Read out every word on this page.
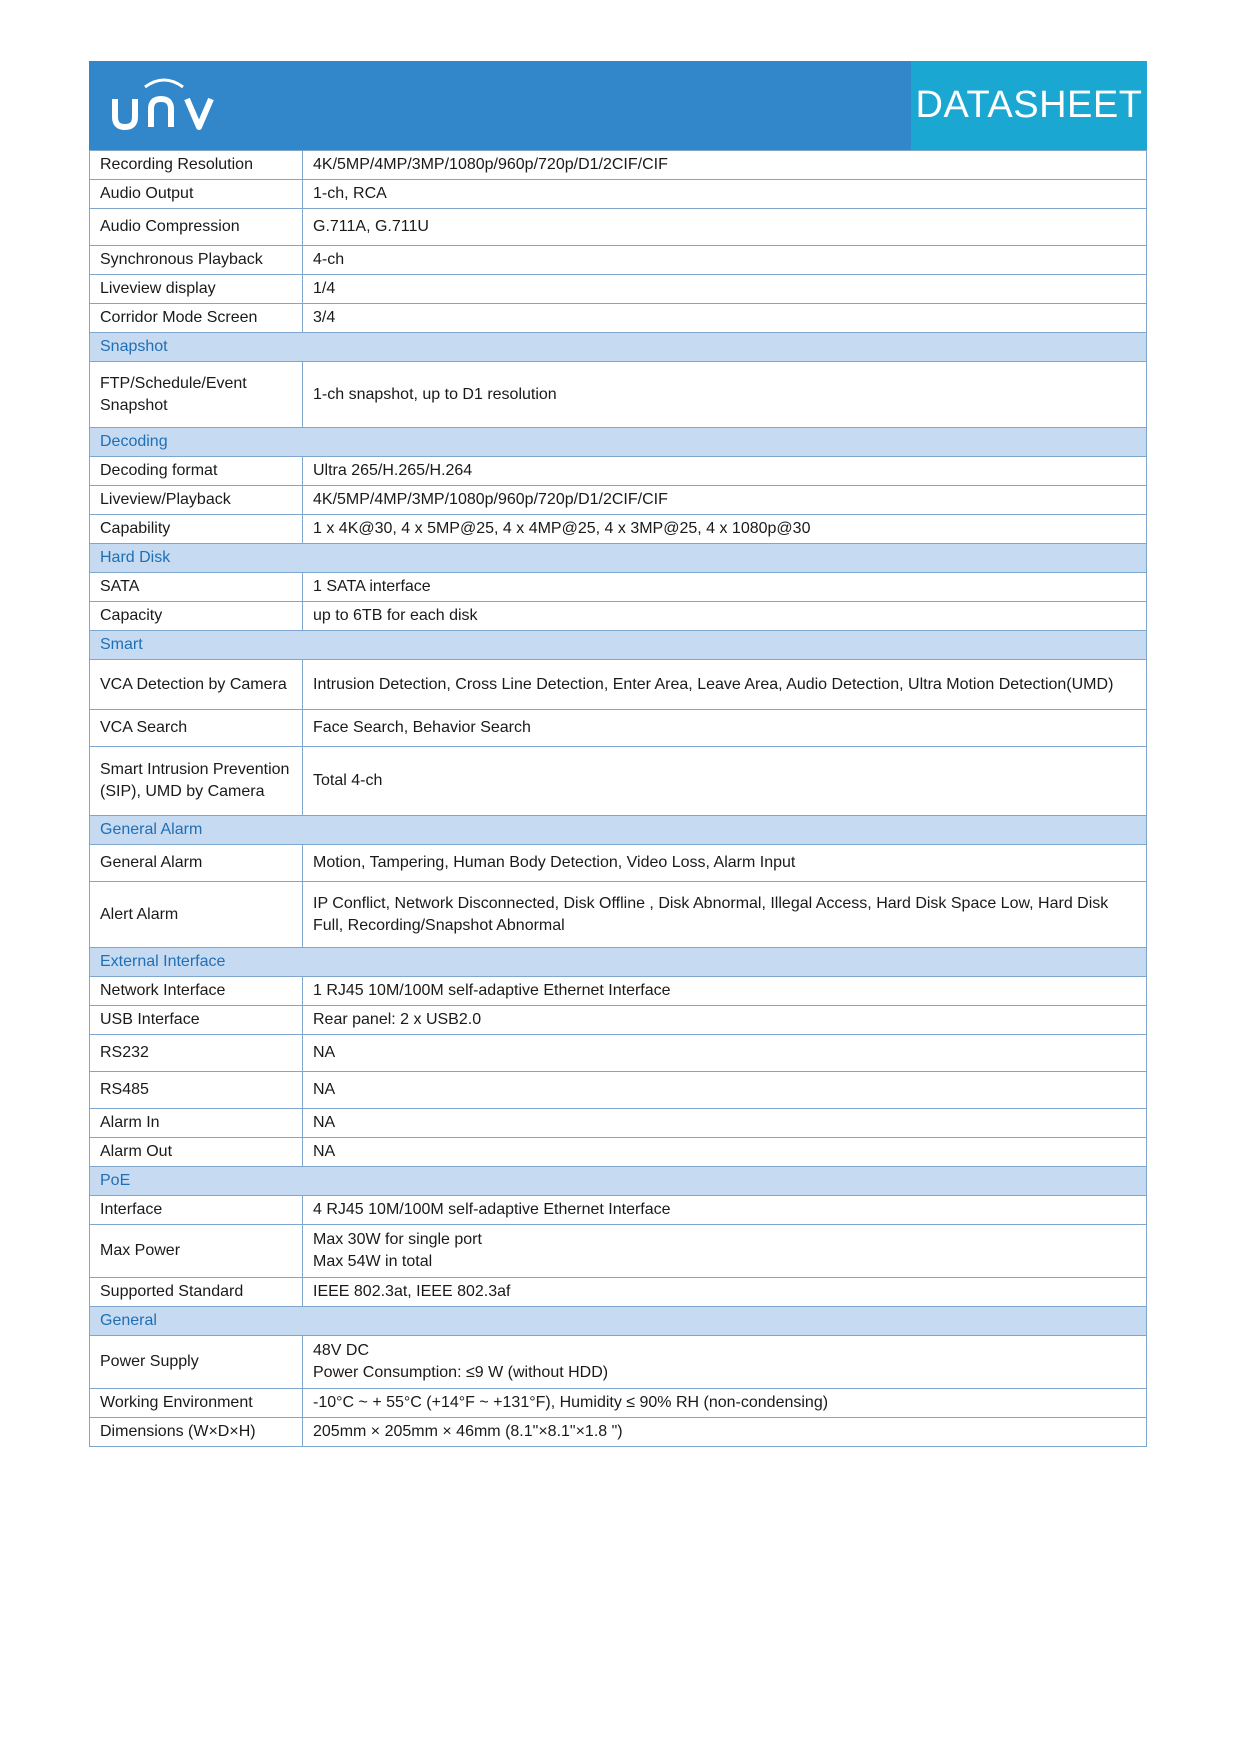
DATASHEET
Recording Resolution	4K/5MP/4MP/3MP/1080p/960p/720p/D1/2CIF/CIF
Audio Output	1-ch, RCA
Audio Compression	G.711A, G.711U
Synchronous Playback	4-ch
Liveview display	1/4
Corridor Mode Screen	3/4
Snapshot	
FTP/Schedule/Event Snapshot	1-ch snapshot, up to D1 resolution
Decoding	
Decoding format	Ultra 265/H.265/H.264
Liveview/Playback	4K/5MP/4MP/3MP/1080p/960p/720p/D1/2CIF/CIF
Capability	1 x 4K@30, 4 x 5MP@25, 4 x 4MP@25, 4 x 3MP@25, 4 x 1080p@30
Hard Disk	
SATA	1 SATA interface
Capacity	up to 6TB for each disk
Smart	
VCA Detection by Camera	Intrusion Detection, Cross Line Detection, Enter Area, Leave Area, Audio Detection, Ultra Motion Detection(UMD)
VCA Search	Face Search, Behavior Search
Smart Intrusion Prevention (SIP), UMD by Camera	Total 4-ch
General Alarm	
General Alarm	Motion, Tampering, Human Body Detection, Video Loss, Alarm Input
Alert Alarm	IP Conflict, Network Disconnected, Disk Offline , Disk Abnormal, Illegal Access, Hard Disk Space Low, Hard Disk Full, Recording/Snapshot Abnormal
External Interface	
Network Interface	1 RJ45 10M/100M self-adaptive Ethernet Interface
USB Interface	Rear panel: 2 x USB2.0
RS232	NA
RS485	NA
Alarm In	NA
Alarm Out	NA
PoE	
Interface	4 RJ45 10M/100M self-adaptive Ethernet Interface
Max Power	Max 30W for single port
Max 54W in total

Supported Standard	IEEE 802.3at, IEEE 802.3af
General	
Power Supply	48V DC
Power Consumption: ≤9 W (without HDD)

Working Environment	-10°C ~ + 55°C (+14°F ~ +131°F), Humidity ≤ 90% RH (non-condensing)
Dimensions (W×D×H)	205mm × 205mm × 46mm (8.1"×8.1"×1.8 ")
